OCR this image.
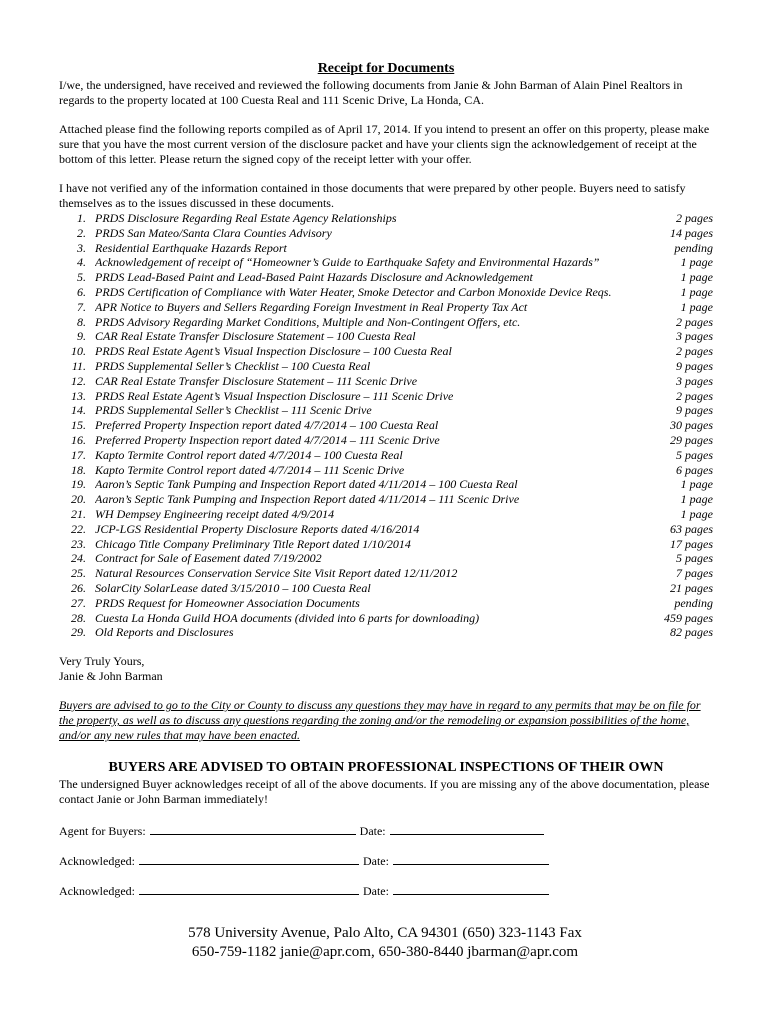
Receipt for Documents

I/we, the undersigned, have received and reviewed the following documents from Janie & John Barman of Alain Pinel Realtors in regards to the property located at 100 Cuesta Real and 111 Scenic Drive, La Honda, CA.

Attached please find the following reports compiled as of April 17, 2014. If you intend to present an offer on this property, please make sure that you have the most current version of the disclosure packet and have your clients sign the acknowledgement of receipt at the bottom of this letter. Please return the signed copy of the receipt letter with your offer.

I have not verified any of the information contained in those documents that were prepared by other people. Buyers need to satisfy themselves as to the issues discussed in these documents.

1. PRDS Disclosure Regarding Real Estate Agency Relationships	2 pages
2. PRDS San Mateo/Santa Clara Counties Advisory	14 pages
3. Residential Earthquake Hazards Report	pending
4. Acknowledgement of receipt of “Homeowner’s Guide to Earthquake Safety and Environmental Hazards”	1 page
5. PRDS Lead-Based Paint and Lead-Based Paint Hazards Disclosure and Acknowledgement	1 page
6. PRDS Certification of Compliance with Water Heater, Smoke Detector and Carbon Monoxide Device Reqs.	1 page
7. APR Notice to Buyers and Sellers Regarding Foreign Investment in Real Property Tax Act	1 page
8. PRDS Advisory Regarding Market Conditions, Multiple and Non-Contingent Offers, etc.	2 pages
9. CAR Real Estate Transfer Disclosure Statement – 100 Cuesta Real	3 pages
10. PRDS Real Estate Agent’s Visual Inspection Disclosure – 100 Cuesta Real	2 pages
11. PRDS Supplemental Seller’s Checklist – 100 Cuesta Real	9 pages
12. CAR Real Estate Transfer Disclosure Statement – 111 Scenic Drive	3 pages
13. PRDS Real Estate Agent’s Visual Inspection Disclosure – 111 Scenic Drive	2 pages
14. PRDS Supplemental Seller’s Checklist – 111 Scenic Drive	9 pages
15. Preferred Property Inspection report dated 4/7/2014 – 100 Cuesta Real	30 pages
16. Preferred Property Inspection report dated 4/7/2014 – 111 Scenic Drive	29 pages
17. Kapto Termite Control report dated 4/7/2014 – 100 Cuesta Real	5 pages
18. Kapto Termite Control report dated 4/7/2014 – 111 Scenic Drive	6 pages
19. Aaron’s Septic Tank Pumping and Inspection Report dated 4/11/2014 – 100 Cuesta Real	1 page
20. Aaron’s Septic Tank Pumping and Inspection Report dated 4/11/2014 – 111 Scenic Drive	1 page
21. WH Dempsey Engineering receipt dated 4/9/2014	1 page
22. JCP-LGS Residential Property Disclosure Reports dated 4/16/2014	63 pages
23. Chicago Title Company Preliminary Title Report dated 1/10/2014	17 pages
24. Contract for Sale of Easement dated 7/19/2002	5 pages
25. Natural Resources Conservation Service Site Visit Report dated 12/11/2012	7 pages
26. SolarCity SolarLease dated 3/15/2010 – 100 Cuesta Real	21 pages
27. PRDS Request for Homeowner Association Documents	pending
28. Cuesta La Honda Guild HOA documents (divided into 6 parts for downloading)	459 pages
29. Old Reports and Disclosures	82 pages

Very Truly Yours,

Janie & John Barman

Buyers are advised to go to the City or County to discuss any questions they may have in regard to any permits that may be on file for the property, as well as to discuss any questions regarding the zoning and/or the remodeling or expansion possibilities of the home, and/or any new rules that may have been enacted.

BUYERS ARE ADVISED TO OBTAIN PROFESSIONAL INSPECTIONS OF THEIR OWN

The undersigned Buyer acknowledges receipt of all of the above documents. If you are missing any of the above documentation, please contact Janie or John Barman immediately!

Agent for Buyers:	Date:
Acknowledged:	Date:
Acknowledged:	Date:
578 University Avenue, Palo Alto, CA 94301 (650) 323-1143 Fax
650-759-1182 janie@apr.com, 650-380-8440 jbarman@apr.com
